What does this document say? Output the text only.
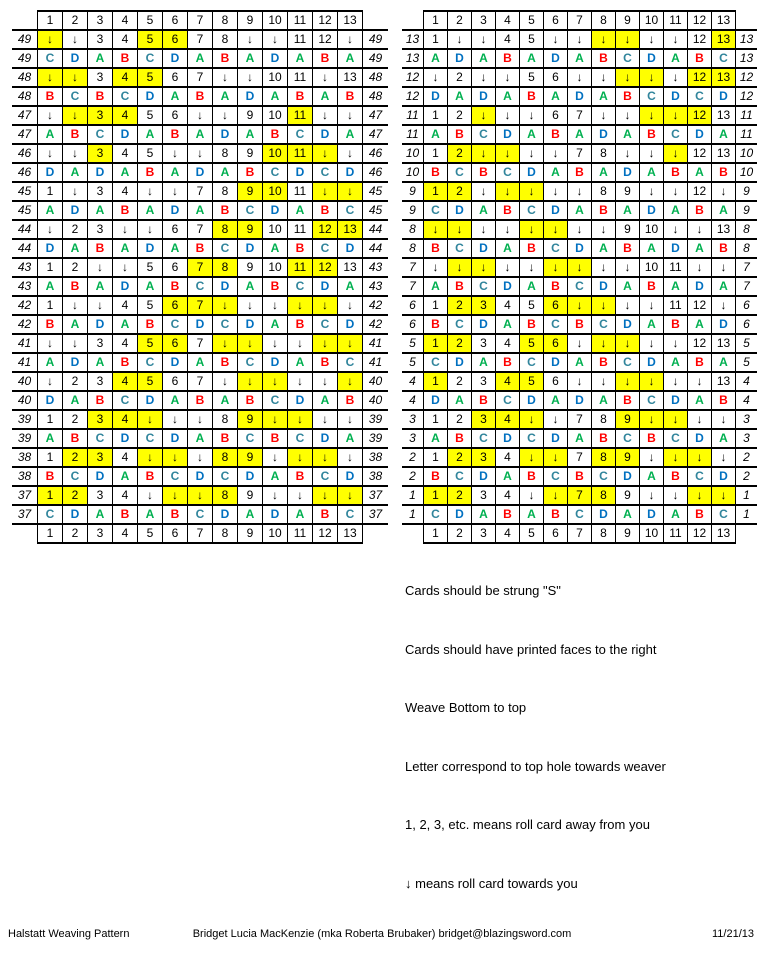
	1	2	3	4	5	6	7	8	9	10	11	12	13	
49	↓	↓	3	4	5	6	7	8	↓	↓	11	12	↓	49
49	C	D	A	B	C	D	A	B	A	D	A	B	A	49
48	↓	↓	3	4	5	6	7	↓	↓	10	11	↓	13	48
48	B	C	B	C	D	A	B	A	D	A	B	A	B	48
47	↓	↓	3	4	5	6	↓	↓	9	10	11	↓	↓	47
47	A	B	C	D	A	B	A	D	A	B	C	D	A	47
46	↓	↓	3	4	5	↓	↓	8	9	10	11	↓	↓	46
46	D	A	D	A	B	A	D	A	B	C	D	C	D	46
45	1	↓	3	4	↓	↓	7	8	9	10	11	↓	↓	45
45	A	D	A	B	A	D	A	B	C	D	A	B	C	45
44	↓	2	3	↓	↓	6	7	8	9	10	11	12	13	44
44	D	A	B	A	D	A	B	C	D	A	B	C	D	44
43	1	2	↓	↓	5	6	7	8	9	10	11	12	13	43
43	A	B	A	D	A	B	C	D	A	B	C	D	A	43
42	1	↓	↓	4	5	6	7	↓	↓	↓	↓	↓	↓	42
42	B	A	D	A	B	C	D	C	D	A	B	C	D	42
41	↓	↓	3	4	5	6	7	↓	↓	↓	↓	↓	↓	41
41	A	D	A	B	C	D	A	B	C	D	A	B	C	41
40	↓	2	3	4	5	6	7	↓	↓	↓	↓	↓	↓	40
40	D	A	B	C	D	A	B	A	B	C	D	A	B	40
39	1	2	3	4	↓	↓	↓	8	9	↓	↓	↓	↓	39
39	A	B	C	D	C	D	A	B	C	B	C	D	A	39
38	1	2	3	4	↓	↓	↓	8	9	↓	↓	↓	↓	38
38	B	C	D	A	B	C	D	C	D	A	B	C	D	38
37	1	2	3	4	↓	↓	↓	8	9	↓	↓	↓	↓	37
37	C	D	A	B	A	B	C	D	A	D	A	B	C	37
	1	2	3	4	5	6	7	8	9	10	11	12	13	
	1	2	3	4	5	6	7	8	9	10	11	12	13	
13	1	↓	↓	4	5	↓	↓	↓	↓	↓	↓	12	13	13
13	A	D	A	B	A	D	A	B	C	D	A	B	C	13
12	↓	2	↓	↓	5	6	↓	↓	↓	↓	↓	12	13	12
12	D	A	D	A	B	A	D	A	B	C	D	C	D	12
11	1	2	↓	↓	↓	6	7	↓	↓	↓	↓	12	13	11
11	A	B	C	D	A	B	A	D	A	B	C	D	A	11
10	1	2	↓	↓	↓	↓	7	8	↓	↓	↓	12	13	10
10	B	C	B	C	D	A	B	A	D	A	B	A	B	10
9	1	2	↓	↓	↓	↓	↓	8	9	↓	↓	12	↓	9
9	C	D	A	B	C	D	A	B	A	D	A	B	A	9
8	↓	↓	↓	↓	↓	↓	↓	↓	9	10	↓	↓	13	8
8	B	C	D	A	B	C	D	A	B	A	D	A	B	8
7	↓	↓	↓	↓	↓	↓	↓	↓	↓	10	11	↓	↓	7
7	A	B	C	D	A	B	C	D	A	B	A	D	A	7
6	1	2	3	4	5	6	↓	↓	↓	↓	11	12	↓	6
6	B	C	D	A	B	C	B	C	D	A	B	A	D	6
5	1	2	3	4	5	6	↓	↓	↓	↓	↓	12	13	5
5	C	D	A	B	C	D	A	B	C	D	A	B	A	5
4	1	2	3	4	5	6	↓	↓	↓	↓	↓	↓	13	4
4	D	A	B	C	D	A	D	A	B	C	D	A	B	4
3	1	2	3	4	↓	↓	7	8	9	↓	↓	↓	↓	3
3	A	B	C	D	C	D	A	B	C	B	C	D	A	3
2	1	2	3	4	↓	↓	7	8	9	↓	↓	↓	↓	2
2	B	C	D	A	B	C	B	C	D	A	B	C	D	2
1	1	2	3	4	↓	↓	7	8	9	↓	↓	↓	↓	1
1	C	D	A	B	A	B	C	D	A	D	A	B	C	1
	1	2	3	4	5	6	7	8	9	10	11	12	13	

Cards should be strung "S"

Cards should have printed faces to the right

Weave Bottom to top

Letter correspond to top hole towards weaver

1, 2, 3, etc. means roll card away from you

↓ means roll card towards you

Halstatt Weaving Pattern	Bridget Lucia MacKenzie (mka Roberta Brubaker) bridget@blazingsword.com	11/21/13
